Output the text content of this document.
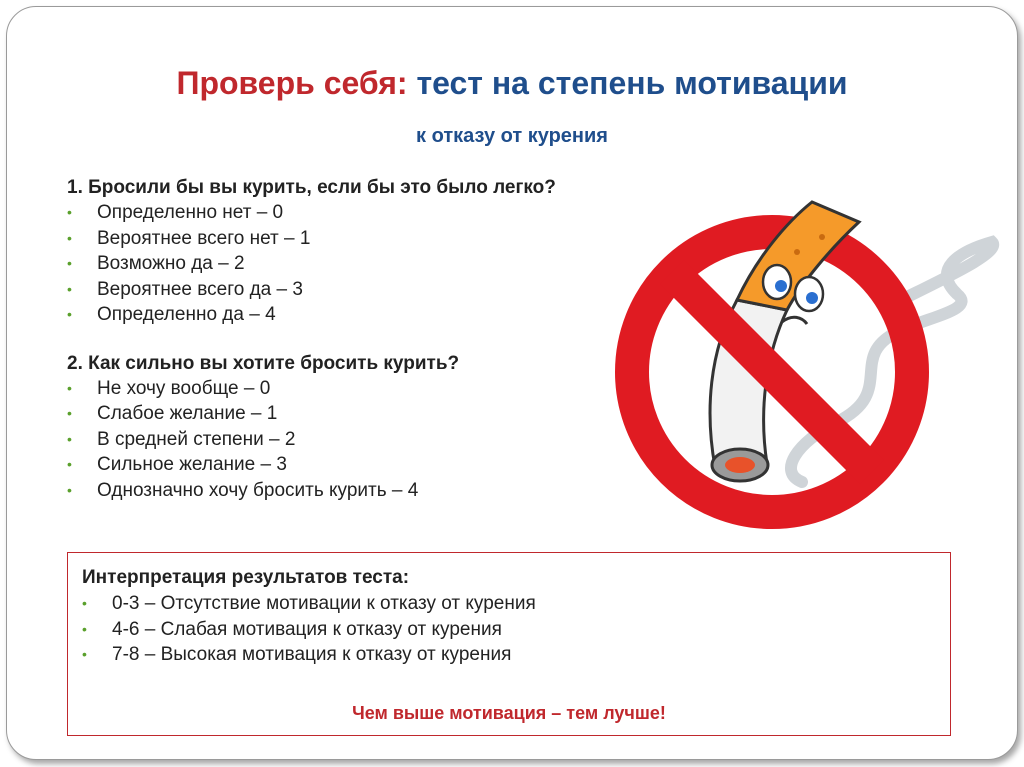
Проверь себя: тест на степень мотивации
к отказу от курения

1. Бросили бы вы курить, если бы это было легко?

• Определенно нет – 0
• Вероятнее всего нет – 1
• Возможно да – 2
• Вероятнее всего да – 3
• Определенно да – 4

2. Как сильно вы хотите бросить курить?

• Не хочу вообще – 0
• Слабое желание – 1
• В средней степени – 2
• Сильное желание – 3
• Однозначно хочу бросить курить – 4

Интерпретация результатов теста:

• 0-3 – Отсутствие мотивации к отказу от курения
• 4-6 – Слабая мотивация к отказу от курения
• 7-8 – Высокая мотивация к отказу от курения
Чем выше мотивация – тем лучше!
